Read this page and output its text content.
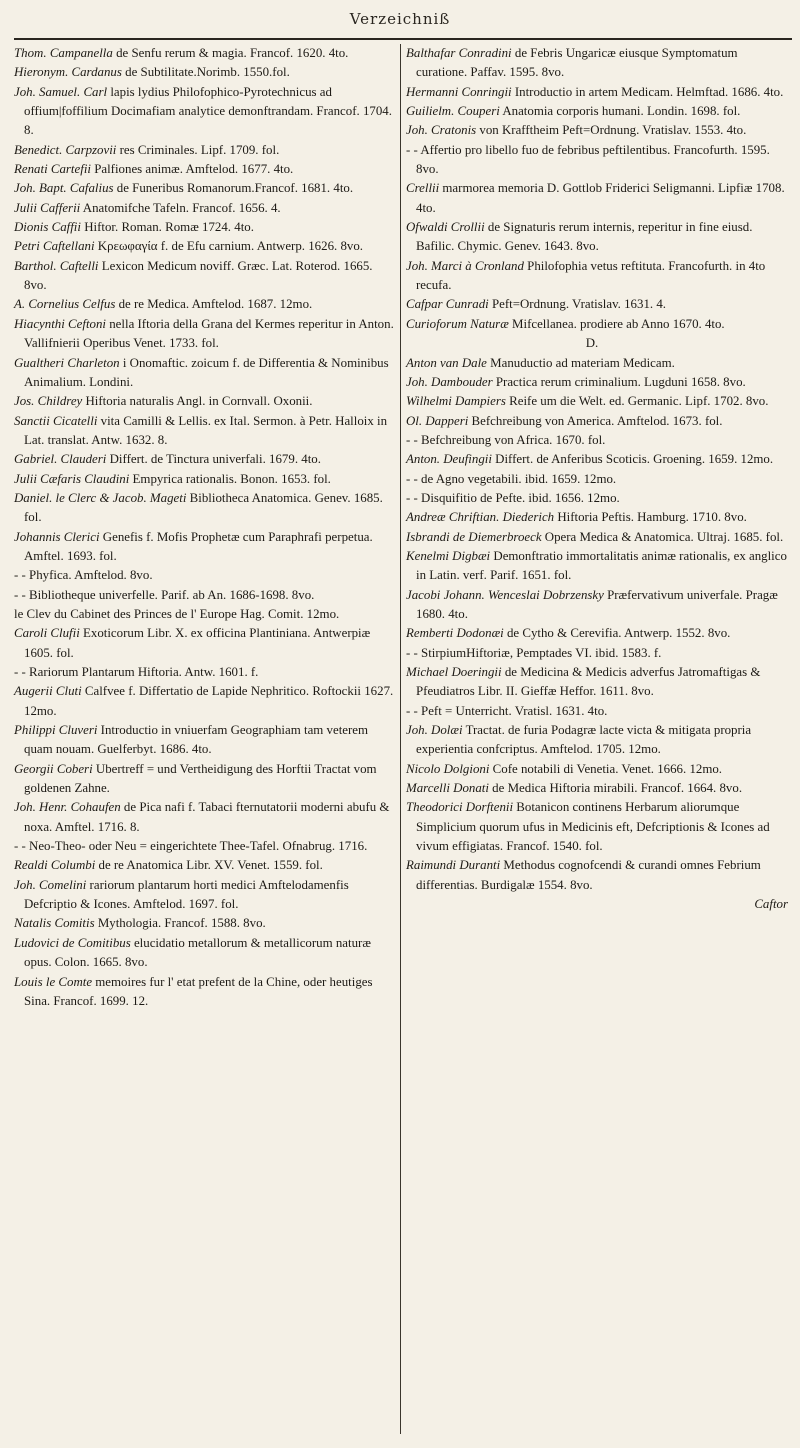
Verzeichniß

Thom. Campanella de Senfu rerum & magia. Francof. 1620. 4to.

Hieronym. Cardanus de Subtilitate.Norimb. 1550.fol.

Joh. Samuel. Carl lapis lydius Philofophico-Pyrotechnicus ad offium|foffilium Docimafiam analytice demonftrandam. Francof. 1704. 8.

Benedict. Carpzovii res Criminales. Lipf. 1709. fol.

Renati Cartefii Palfiones animæ. Amftelod. 1677. 4to.

Joh. Bapt. Cafalius de Funeribus Romanorum.Francof. 1681. 4to.

Julii Cafferii Anatomifche Tafeln. Francof. 1656. 4.

Dionis Caffii Hiftor. Roman. Romæ 1724. 4to.

Petri Caftellani Κρεωφαγία f. de Efu carnium. Antwerp. 1626. 8vo.

Barthol. Caftelli Lexicon Medicum noviff. Græc. Lat. Roterod. 1665. 8vo.

A. Cornelius Celfus de re Medica. Amftelod. 1687. 12mo.

Hiacynthi Ceftoni nella Iftoria della Grana del Kermes reperitur in Anton. Vallifnierii Operibus Venet. 1733. fol.

Gualtheri Charleton i Onomaftic. zoicum f. de Differentia & Nominibus Animalium. Londini.

Jos. Childrey Hiftoria naturalis Angl. in Cornvall. Oxonii.

Sanctii Cicatelli vita Camilli & Lellis. ex Ital. Sermon. à Petr. Halloix in Lat. translat. Antw. 1632. 8.

Gabriel. Clauderi Differt. de Tinctura univerfali. 1679. 4to.

Julii Cæfaris Claudini Empyrica rationalis. Bonon. 1653. fol.

Daniel. le Clerc & Jacob. Mageti Bibliotheca Anatomica. Genev. 1685. fol.

Johannis Clerici Genefis f. Mofis Prophetæ cum Paraphrafi perpetua. Amftel. 1693. fol.

- - Phyfica. Amftelod. 8vo.

- - Bibliotheque univerfelle. Parif. ab An. 1686-1698. 8vo.

le Clev du Cabinet des Princes de l' Europe Hag. Comit. 12mo.

Caroli Clufii Exoticorum Libr. X. ex officina Plantiniana. Antwerpiæ 1605. fol.

- - Rariorum Plantarum Hiftoria. Antw. 1601. f.

Augerii Cluti Calfvee f. Differtatio de Lapide Nephritico. Roftockii 1627. 12mo.

Philippi Cluveri Introductio in vniuerfam Geographiam tam veterem quam nouam. Guelferbyt. 1686. 4to.

Georgii Coberi Ubertreff = und Vertheidigung des Horftii Tractat vom goldenen Zahne.

Joh. Henr. Cohaufen de Pica nafi f. Tabaci fternutatorii moderni abufu & noxa. Amftel. 1716. 8.

- - Neo-Theo- oder Neu = eingerichtete Thee-Tafel. Ofnabrug. 1716.

Realdi Columbi de re Anatomica Libr. XV. Venet. 1559. fol.

Joh. Comelini rariorum plantarum horti medici Amftelodamenfis Defcriptio & Icones. Amftelod. 1697. fol.

Natalis Comitis Mythologia. Francof. 1588. 8vo.

Ludovici de Comitibus elucidatio metallorum & metallicorum naturæ opus. Colon. 1665. 8vo.

Louis le Comte memoires fur l' etat prefent de la Chine, oder heutiges Sina. Francof. 1699. 12.

Balthafar Conradini de Febris Ungaricæ eiusque Symptomatum curatione. Paffav. 1595. 8vo.

Hermanni Conringii Introductio in artem Medicam. Helmftad. 1686. 4to.

Guilielm. Couperi Anatomia corporis humani. Londin. 1698. fol.

Joh. Cratonis von Krafftheim Peft=Ordnung. Vratislav. 1553. 4to.

- - Affertio pro libello fuo de febribus peftilentibus. Francofurth. 1595. 8vo.

Crellii marmorea memoria D. Gottlob Friderici Seligmanni. Lipfiæ 1708. 4to.

Ofwaldi Crollii de Signaturis rerum internis, reperitur in fine eiusd. Bafilic. Chymic. Genev. 1643. 8vo.

Joh. Marci à Cronland Philofophia vetus reftituta. Francofurth. in 4to recufa.

Cafpar Cunradi Peft=Ordnung. Vratislav. 1631. 4.

Curioforum Naturæ Mifcellanea. prodiere ab Anno 1670. 4to.

D.

Anton van Dale Manuductio ad materiam Medicam.

Joh. Dambouder Practica rerum criminalium. Lugduni 1658. 8vo.

Wilhelmi Dampiers Reife um die Welt. ed. Germanic. Lipf. 1702. 8vo.

Ol. Dapperi Befchreibung von America. Amftelod. 1673. fol.

- - Befchreibung von Africa. 1670. fol.

Anton. Deufingii Differt. de Anferibus Scoticis. Groening. 1659. 12mo.

- - de Agno vegetabili. ibid. 1659. 12mo.

- - Disquifitio de Pefte. ibid. 1656. 12mo.

Andreæ Chriftian. Diederich Hiftoria Peftis. Hamburg. 1710. 8vo.

Isbrandi de Diemerbroeck Opera Medica & Anatomica. Ultraj. 1685. fol.

Kenelmi Digbæi Demonftratio immortalitatis animæ rationalis, ex anglico in Latin. verf. Parif. 1651. fol.

Jacobi Johann. Wenceslai Dobrzensky Præfervativum univerfale. Pragæ 1680. 4to.

Remberti Dodonæi de Cytho & Cerevifia. Antwerp. 1552. 8vo.

- - StirpiumHiftoriæ, Pemptades VI. ibid. 1583. f.

Michael Doeringii de Medicina & Medicis adverfus Jatromaftigas & Pfeudiatros Libr. II. Gieffæ Heffor. 1611. 8vo.

- - Peft = Unterricht. Vratisl. 1631. 4to.

Joh. Dolæi Tractat. de furia Podagræ lacte victa & mitigata propria experientia confcriptus. Amftelod. 1705. 12mo.

Nicolo Dolgioni Cofe notabili di Venetia. Venet. 1666. 12mo.

Marcelli Donati de Medica Hiftoria mirabili. Francof. 1664. 8vo.

Theodorici Dorftenii Botanicon continens Herbarum aliorumque Simplicium quorum ufus in Medicinis eft, Defcriptionis & Icones ad vivum effigiatas. Francof. 1540. fol.

Raimundi Duranti Methodus cognofcendi & curandi omnes Febrium differentias. Burdigalæ 1554. 8vo.

Caftor
